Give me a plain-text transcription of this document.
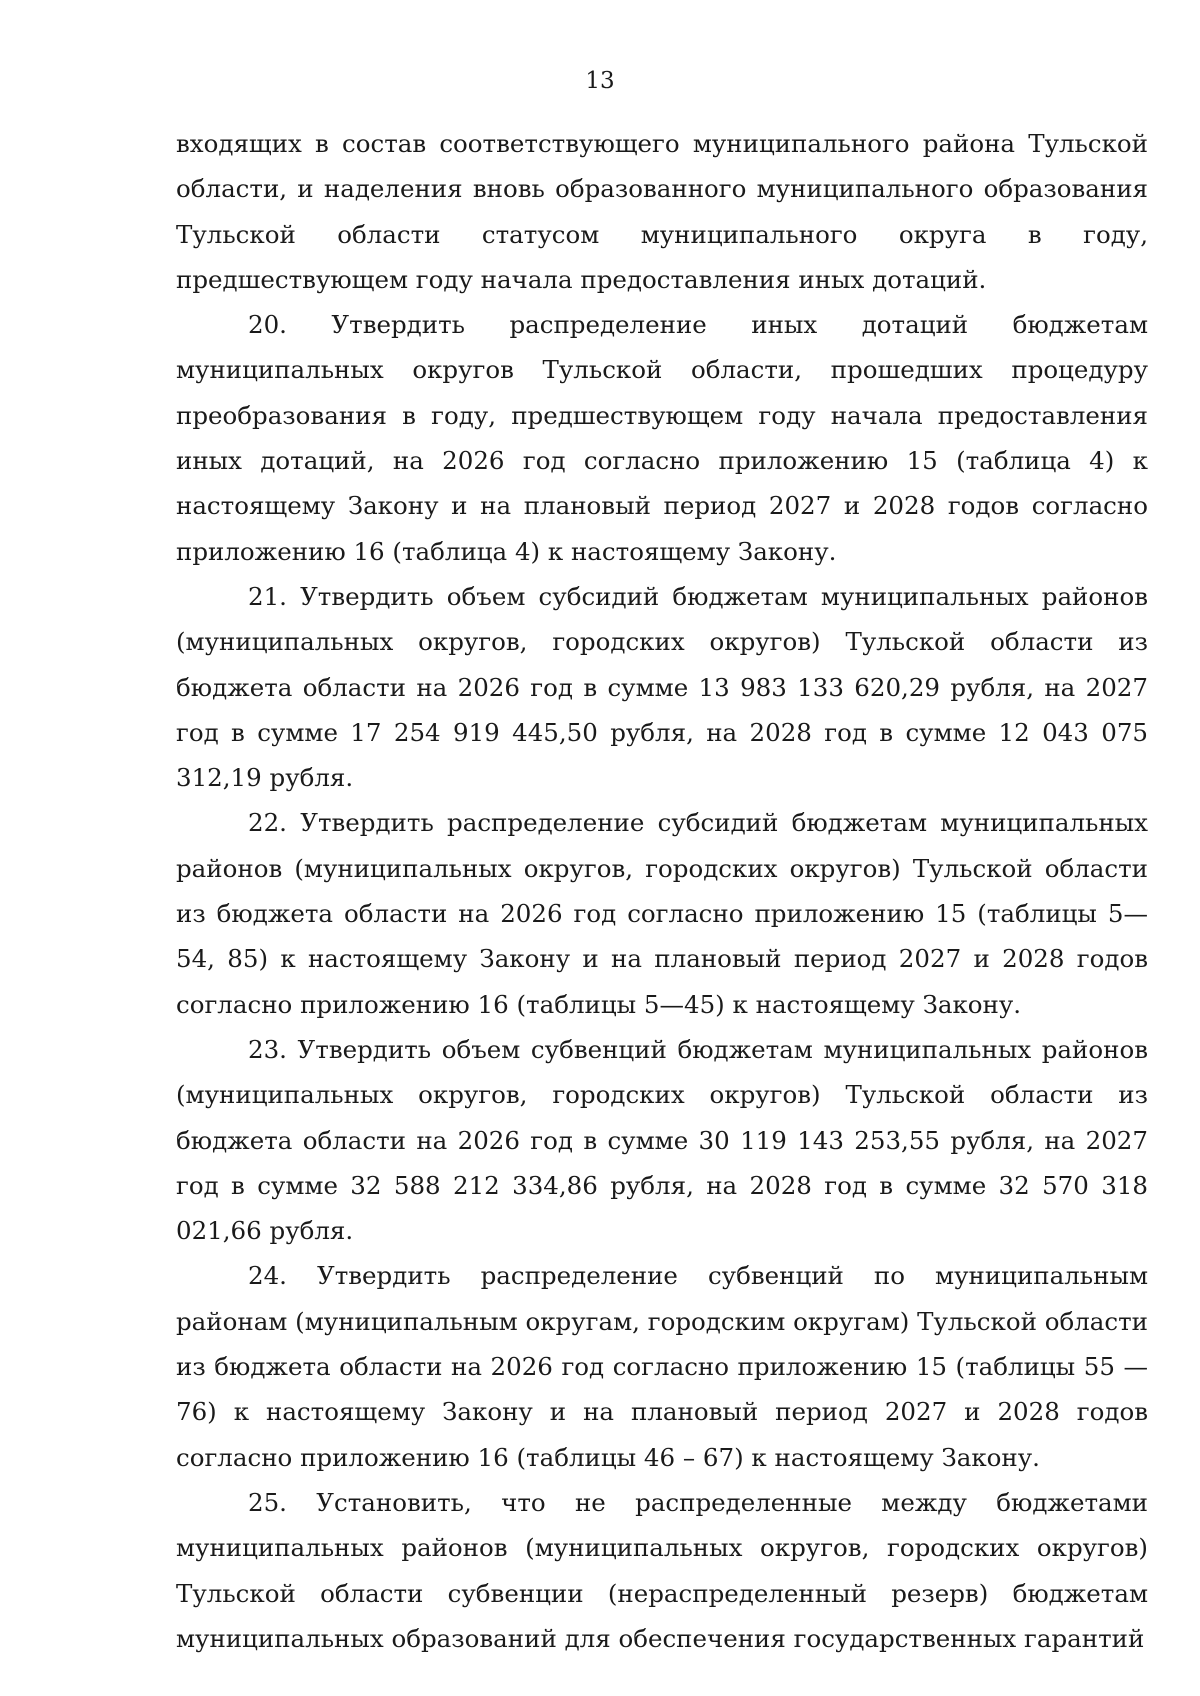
13

входящих в состав соответствующего муниципального района Тульской области, и наделения вновь образованного муниципального образования Тульской области статусом муниципального округа в году, предшествующем году начала предоставления иных дотаций.

20. Утвердить распределение иных дотаций бюджетам муниципальных округов Тульской области, прошедших процедуру преобразования в году, предшествующем году начала предоставления иных дотаций, на 2026 год согласно приложению 15 (таблица 4) к настоящему Закону и на плановый период 2027 и 2028 годов согласно приложению 16 (таблица 4) к настоящему Закону.

21. Утвердить объем субсидий бюджетам муниципальных районов (муниципальных округов, городских округов) Тульской области из бюджета области на 2026 год в сумме 13 983 133 620,29 рубля, на 2027 год в сумме 17 254 919 445,50 рубля, на 2028 год в сумме 12 043 075 312,19 рубля.

22. Утвердить распределение субсидий бюджетам муниципальных районов (муниципальных округов, городских округов) Тульской области из бюджета области на 2026 год согласно приложению 15 (таблицы 5—54, 85) к настоящему Закону и на плановый период 2027 и 2028 годов согласно приложению 16 (таблицы 5—45) к настоящему Закону.

23. Утвердить объем субвенций бюджетам муниципальных районов (муниципальных округов, городских округов) Тульской области из бюджета области на 2026 год в сумме 30 119 143 253,55 рубля, на 2027 год в сумме 32 588 212 334,86 рубля, на 2028 год в сумме 32 570 318 021,66 рубля.

24. Утвердить распределение субвенций по муниципальным районам (муниципальным округам, городским округам) Тульской области из бюджета области на 2026 год согласно приложению 15 (таблицы 55 — 76) к настоящему Закону и на плановый период 2027 и 2028 годов согласно приложению 16 (таблицы 46 – 67) к настоящему Закону.

25. Установить, что не распределенные между бюджетами муниципальных районов (муниципальных округов, городских округов) Тульской области субвенции (нераспределенный резерв) бюджетам муниципальных образований для обеспечения государственных гарантий
